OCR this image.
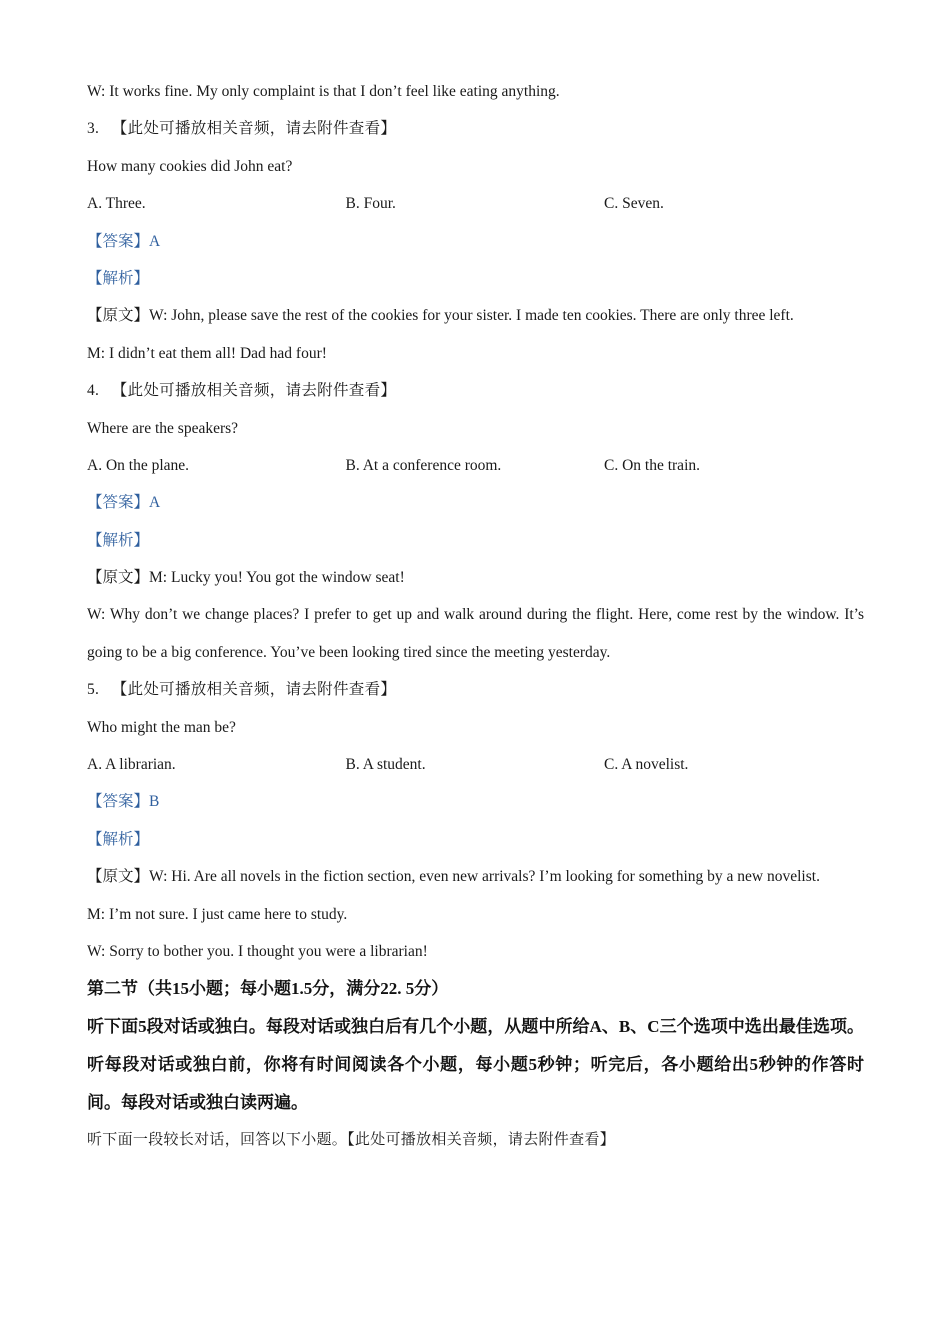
W: It works fine. My only complaint is that I don’t feel like eating anything.
3. 【此处可播放相关音频，请去附件查看】
How many cookies did John eat?
A. Three.	B. Four.	C. Seven.
【答案】A
【解析】
【原文】W: John, please save the rest of the cookies for your sister. I made ten cookies. There are only three left.
M: I didn’t eat them all! Dad had four!
4. 【此处可播放相关音频，请去附件查看】
Where are the speakers?
A. On the plane.	B. At a conference room.	C. On the train.
【答案】A
【解析】
【原文】M: Lucky you! You got the window seat!
W: Why don’t we change places? I prefer to get up and walk around during the flight. Here, come rest by the window. It’s going to be a big conference. You’ve been looking tired since the meeting yesterday.
5. 【此处可播放相关音频，请去附件查看】
Who might the man be?
A. A librarian.	B. A student.	C. A novelist.
【答案】B
【解析】
【原文】W: Hi. Are all novels in the fiction section, even new arrivals? I’m looking for something by a new novelist.
M: I’m not sure. I just came here to study.
W: Sorry to bother you. I thought you were a librarian!
第二节（共15小题；每小题1.5分，满分22. 5分）
听下面5段对话或独白。每段对话或独白后有几个小题，从题中所给A、B、C三个选项中选出最佳选项。听每段对话或独白前，你将有时间阅读各个小题，每小题5秒钟；听完后，各小题给出5秒钟的作答时间。每段对话或独白读两遍。
听下面一段较长对话，回答以下小题。【此处可播放相关音频，请去附件查看】
